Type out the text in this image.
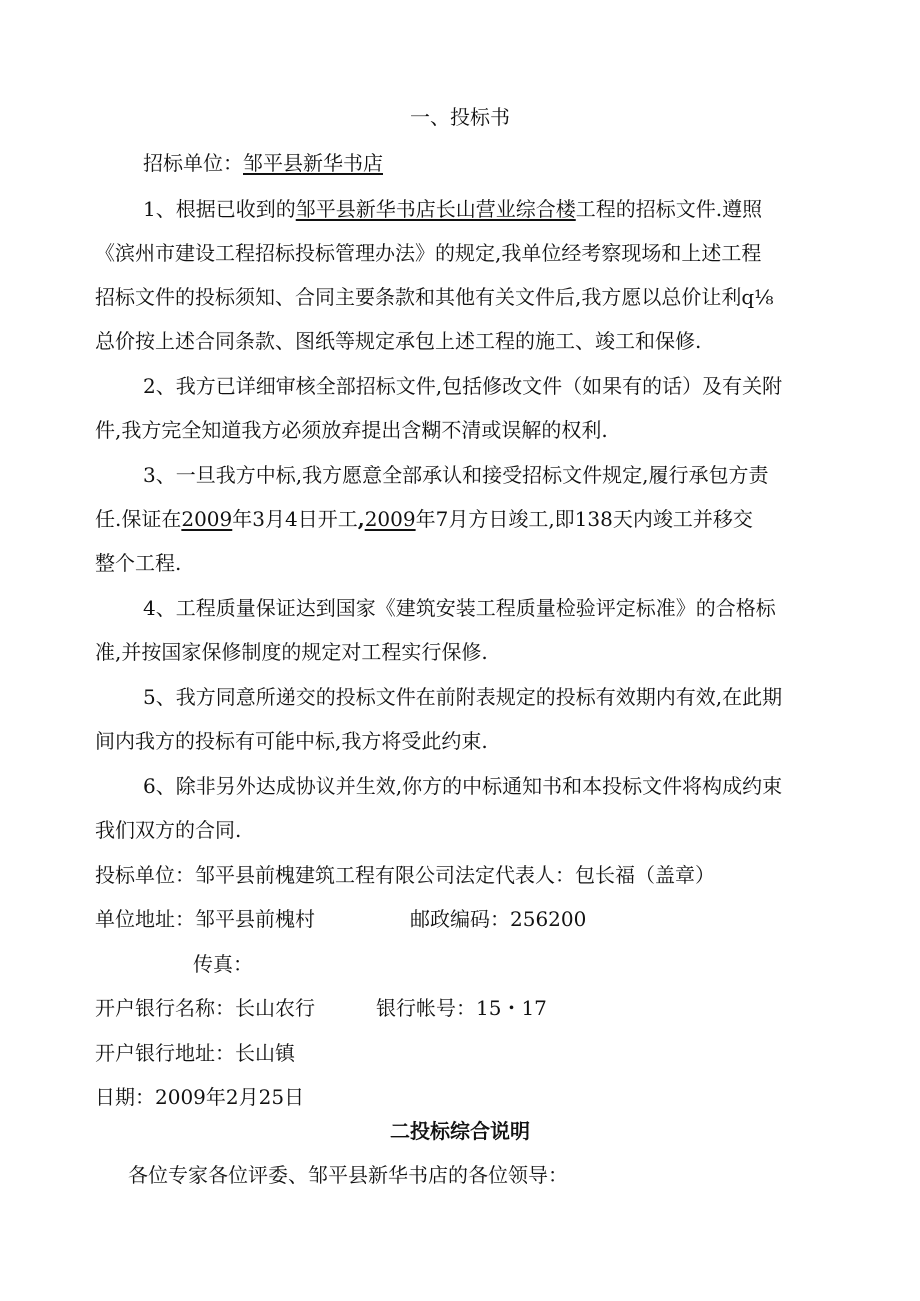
一、投标书
招标单位：邹平县新华书店
1、根据已收到的邹平县新华书店长山营业综合楼工程的招标文件.遵照
《滨州市建设工程招标投标管理办法》的规定,我单位经考察现场和上述工程
招标文件的投标须知、合同主要条款和其他有关文件后,我方愿以总价让利q⅛
总价按上述合同条款、图纸等规定承包上述工程的施工、竣工和保修.
2、我方已详细审核全部招标文件,包括修改文件（如果有的话）及有关附
件,我方完全知道我方必须放弃提出含糊不清或误解的权利.
3、一旦我方中标,我方愿意全部承认和接受招标文件规定,履行承包方责
任.保证在2009年3月4日开工,2009年7月方日竣工,即138天内竣工并移交
整个工程.
4、工程质量保证达到国家《建筑安装工程质量检验评定标准》的合格标
准,并按国家保修制度的规定对工程实行保修.
5、我方同意所递交的投标文件在前附表规定的投标有效期内有效,在此期
间内我方的投标有可能中标,我方将受此约束.
6、除非另外达成协议并生效,你方的中标通知书和本投标文件将构成约束
我们双方的合同.
投标单位：邹平县前槐建筑工程有限公司法定代表人：包长福（盖章）
单位地址：邹平县前槐村	邮政编码：256200
传真：
开户银行名称：长山农行	银行帐号：15・17
开户银行地址：长山镇
日期：2009年2月25日
二投标综合说明
各位专家各位评委、邹平县新华书店的各位领导：
